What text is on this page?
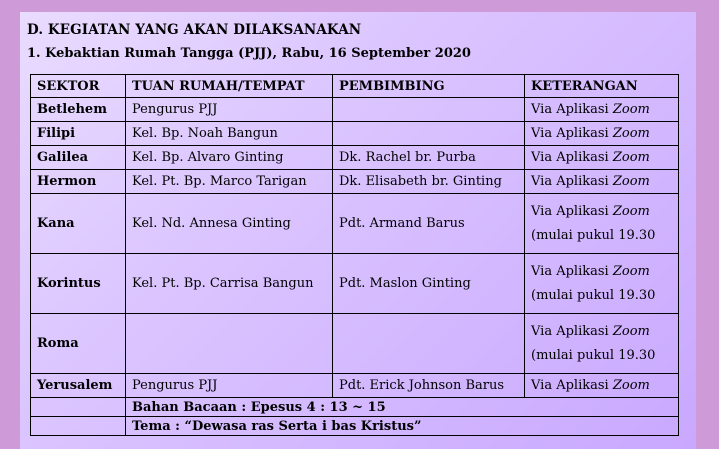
D. KEGIATAN YANG AKAN DILAKSANAKAN
1. Kebaktian Rumah Tangga (PJJ), Rabu, 16 September 2020
SEKTOR	TUAN RUMAH/TEMPAT	PEMBIMBING	KETERANGAN
Betlehem	Pengurus PJJ		Via Aplikasi Zoom
Filipi	Kel. Bp. Noah Bangun		Via Aplikasi Zoom
Galilea	Kel. Bp. Alvaro Ginting	Dk. Rachel br. Purba	Via Aplikasi Zoom
Hermon	Kel. Pt. Bp. Marco Tarigan	Dk. Elisabeth br. Ginting	Via Aplikasi Zoom
Kana	Kel. Nd. Annesa Ginting	Pdt. Armand Barus	Via Aplikasi Zoom
(mulai pukul 19.30

Korintus	Kel. Pt. Bp. Carrisa Bangun	Pdt. Maslon Ginting	Via Aplikasi Zoom
(mulai pukul 19.30

Roma			Via Aplikasi Zoom
(mulai pukul 19.30

Yerusalem	Pengurus PJJ	Pdt. Erick Johnson Barus	Via Aplikasi Zoom
	Bahan Bacaan : Epesus 4 : 13 ~ 15		
	Tema : “Dewasa ras Serta i bas Kristus”		
